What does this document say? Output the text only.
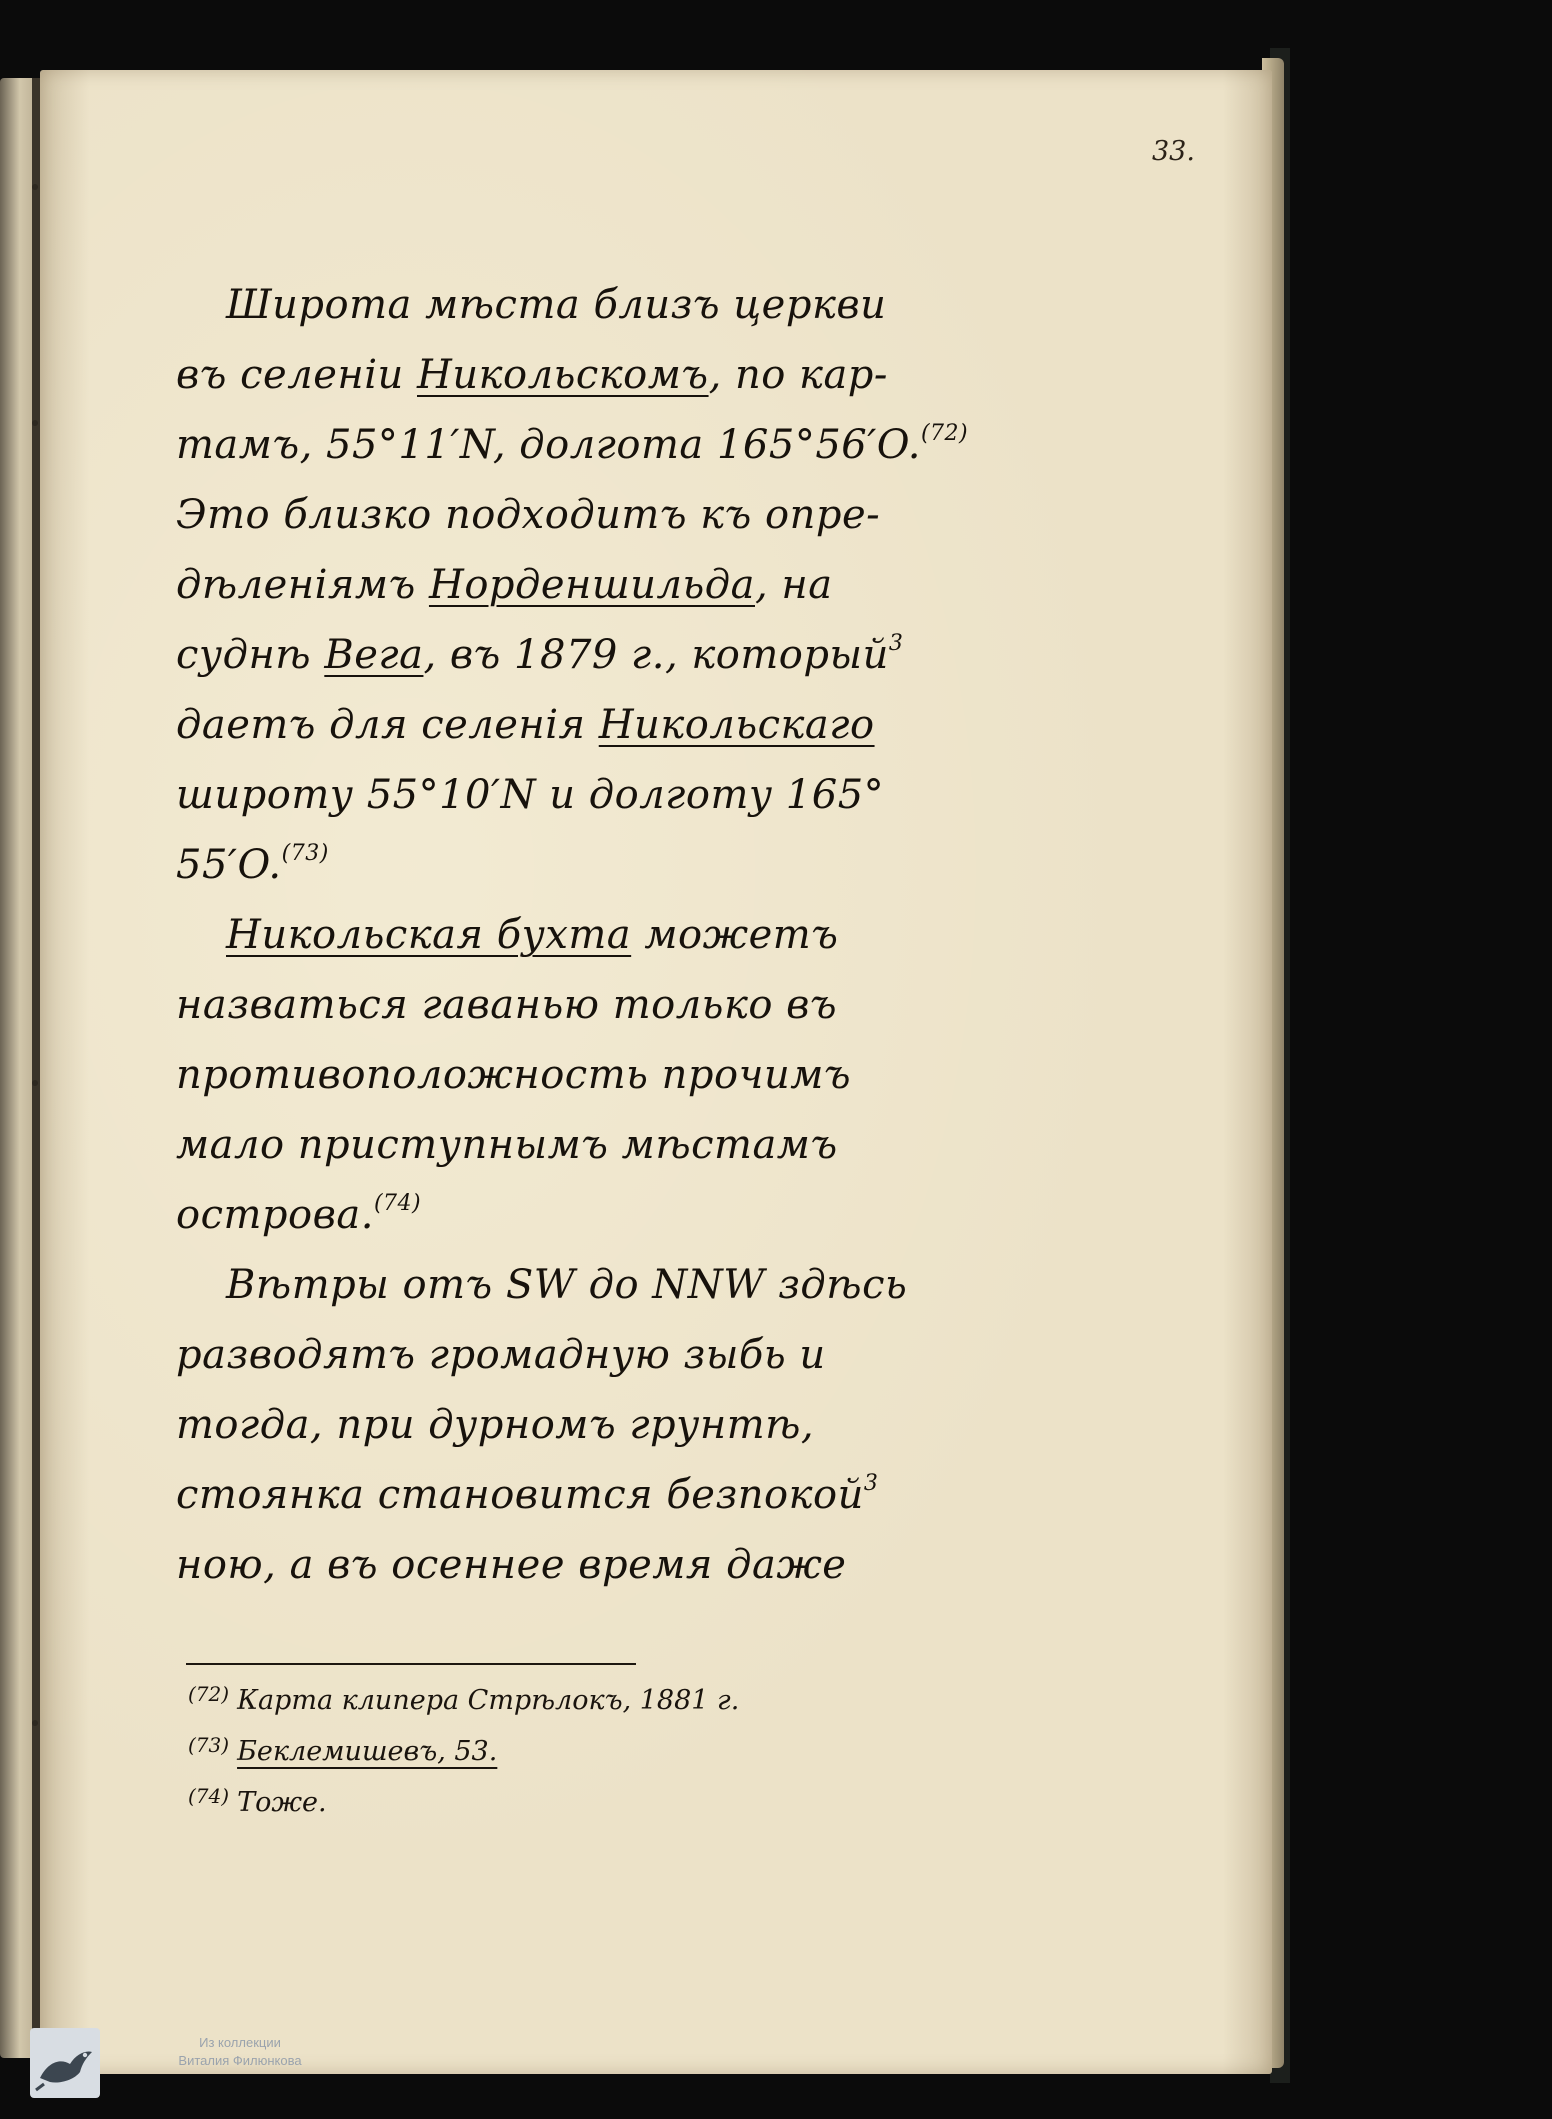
33.
Широта мѣста близъ церкви
въ селеніи Никольскомъ, по кар-
тамъ, 55°11′N, долгота 165°56′O.$^{(72)}$
Это близко подходитъ къ опре-
дѣленіямъ Норденшильда, на
суднѣ Вега, въ 1879 г., который$^3$
даетъ для селенія Никольскаго
широту 55°10′N и долготу 165°
55′O.$^{(73)}$
Никольская бухта можетъ
назваться гаванью только въ
противоположность прочимъ
мало приступнымъ мѣстамъ
острова.$^{(74)}$
Вѣтры отъ SW до NNW здѣсь
разводятъ громадную зыбь и
тогда, при дурномъ грунтѣ,
стоянка становится безпокой$^3$
ною, а въ осеннее время даже
$^{(72)}$ Карта клипера Стрѣлокъ, 1881 г.
$^{(73)}$ Беклемишевъ, 53.
$^{(74)}$ Тоже.
Из коллекции
Виталия Филюнкова
